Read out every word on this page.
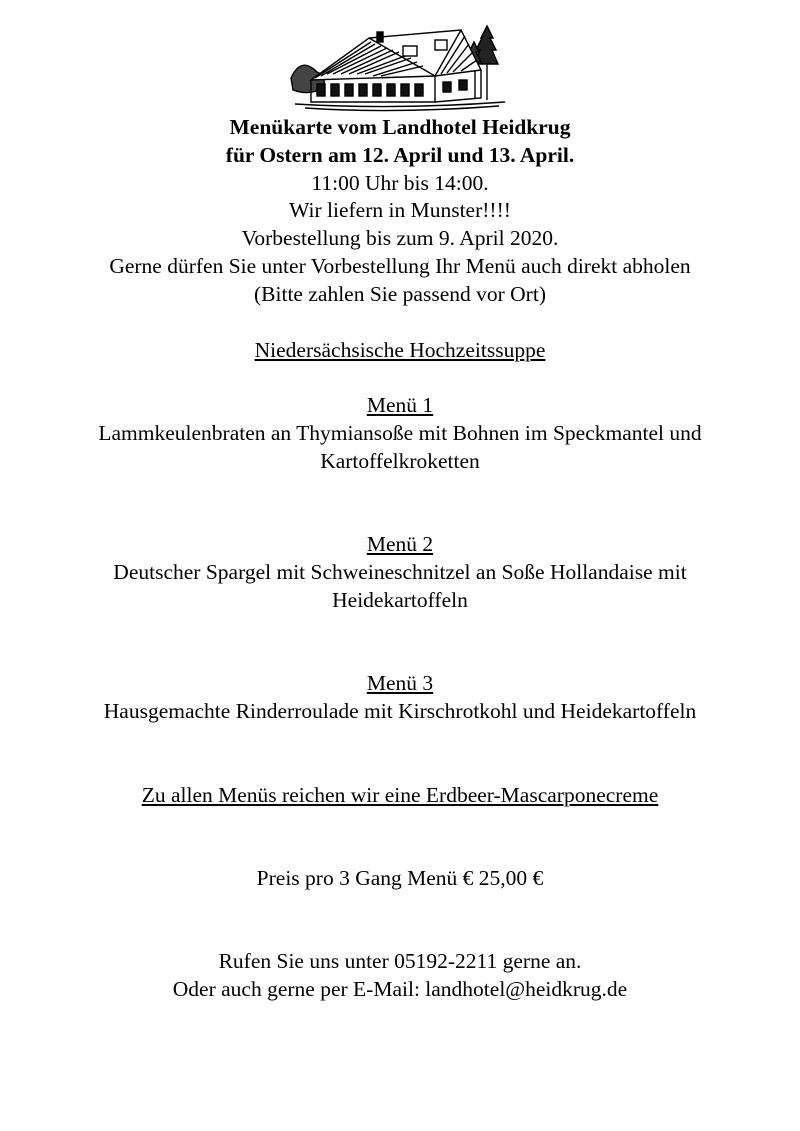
Menükarte vom Landhotel Heidkrug
für Ostern am 12. April und 13. April.
11:00 Uhr bis 14:00.
Wir liefern in Munster!!!!
Vorbestellung bis zum 9. April 2020.
Gerne dürfen Sie unter Vorbestellung Ihr Menü auch direkt abholen
(Bitte zahlen Sie passend vor Ort)
Niedersächsische Hochzeitssuppe
Menü 1
Lammkeulenbraten an Thymiansoße mit Bohnen im Speckmantel und
Kartoffelkroketten
Menü 2
Deutscher Spargel mit Schweineschnitzel an Soße Hollandaise mit
Heidekartoffeln
Menü 3
Hausgemachte Rinderroulade mit Kirschrotkohl und Heidekartoffeln
Zu allen Menüs reichen wir eine Erdbeer-Mascarponecreme
Preis pro 3 Gang Menü € 25,00 €
Rufen Sie uns unter 05192-2211 gerne an.
Oder auch gerne per E-Mail: landhotel@heidkrug.de
